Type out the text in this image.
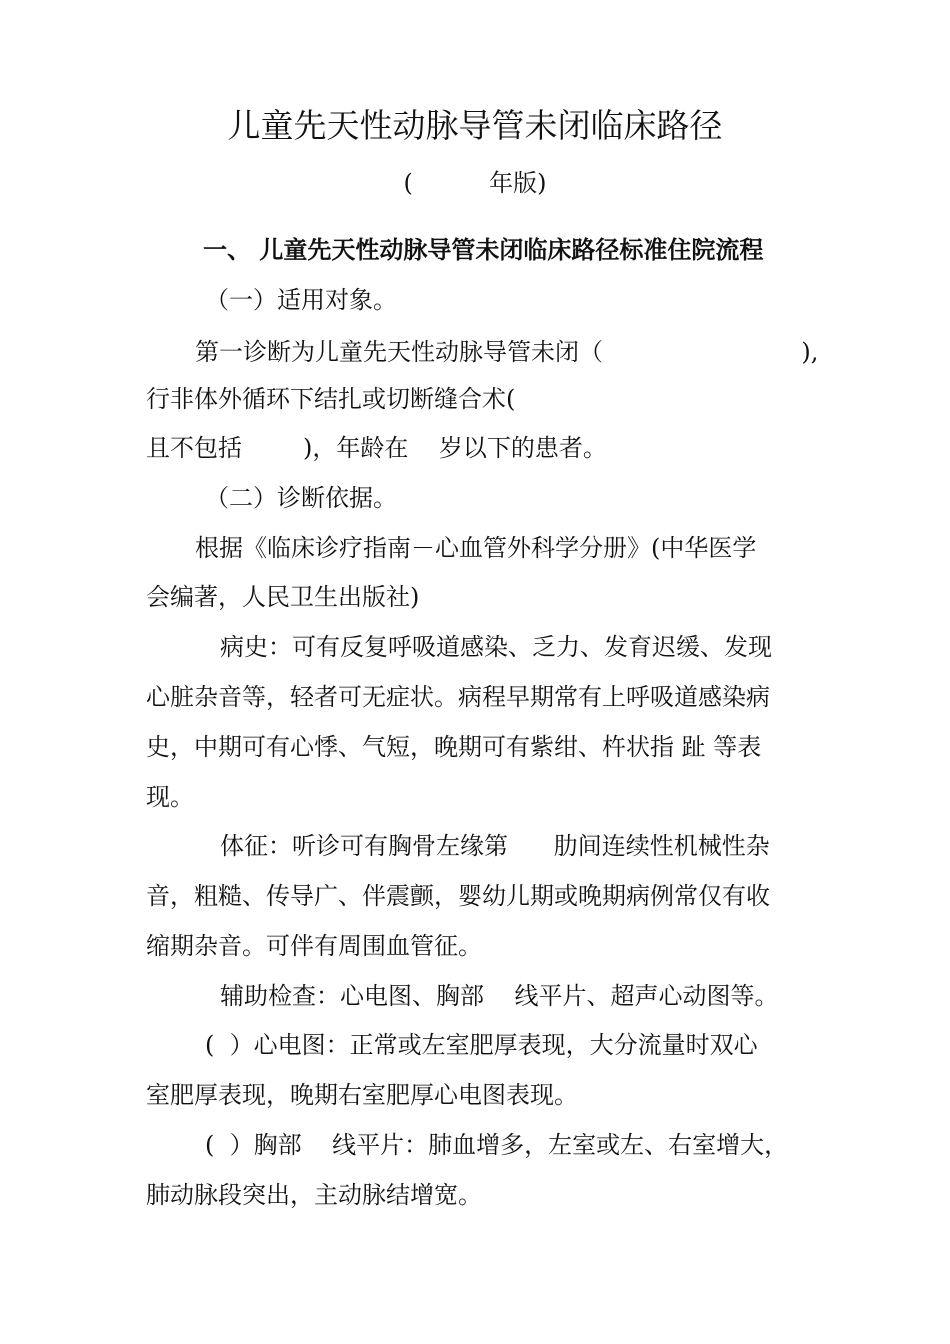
儿童先天性动脉导管未闭临床路径
(          年版)
一、 儿童先天性动脉导管未闭临床路径标准住院流程
（一）适用对象。
第一诊断为儿童先天性动脉导管未闭（                          ),
行非体外循环下结扎或切断缝合术(
且不包括        )，年龄在    岁以下的患者。
（二）诊断依据。
根据《临床诊疗指南－心血管外科学分册》(中华医学
会编著，人民卫生出版社)
病史：可有反复呼吸道感染、乏力、发育迟缓、发现
心脏杂音等，轻者可无症状。病程早期常有上呼吸道感染病
史，中期可有心悸、气短，晚期可有紫绀、杵状指 趾 等表
现。
体征：听诊可有胸骨左缘第      肋间连续性机械性杂
音，粗糙、传导广、伴震颤，婴幼儿期或晚期病例常仅有收
缩期杂音。可伴有周围血管征。
辅助检查：心电图、胸部    线平片、超声心动图等。
(  ）心电图：正常或左室肥厚表现，大分流量时双心
室肥厚表现，晚期右室肥厚心电图表现。
(  ）胸部    线平片：肺血增多，左室或左、右室增大，
肺动脉段突出，主动脉结增宽。
